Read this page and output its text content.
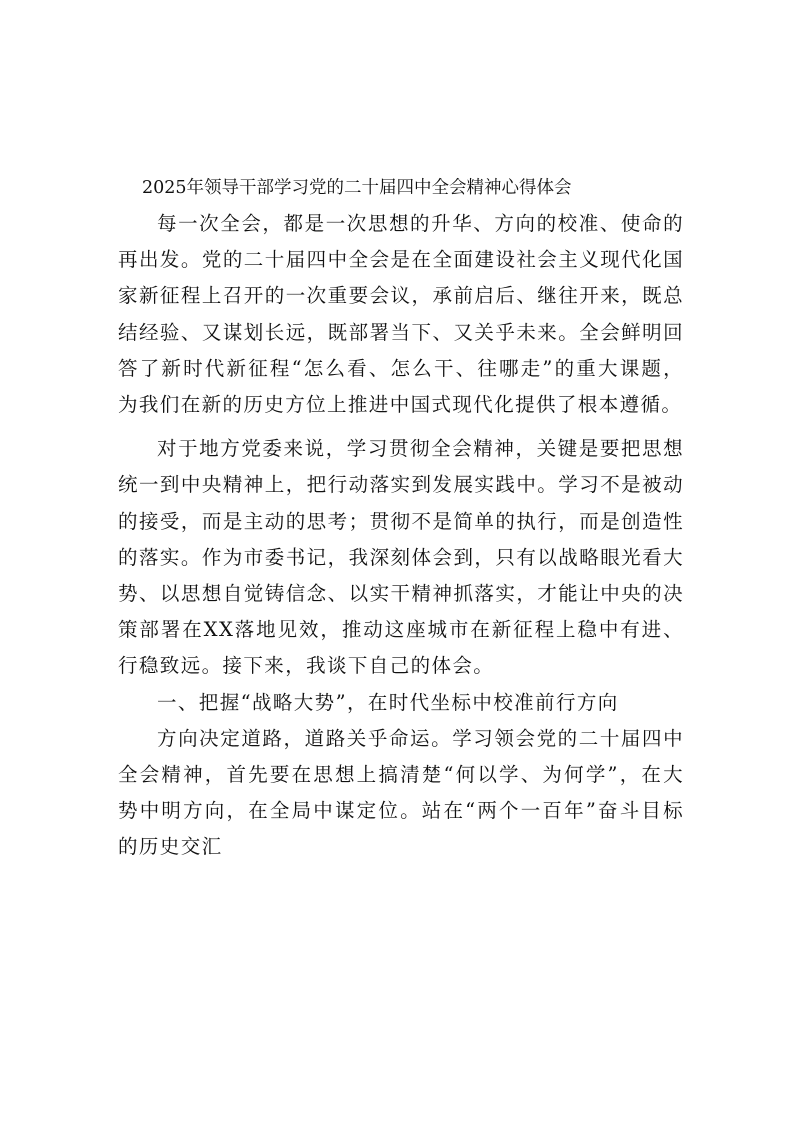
2025年领导干部学习党的二十届四中全会精神心得体会

每一次全会，都是一次思想的升华、方向的校准、使命的再出发。党的二十届四中全会是在全面建设社会主义现代化国家新征程上召开的一次重要会议，承前启后、继往开来，既总结经验、又谋划长远，既部署当下、又关乎未来。全会鲜明回答了新时代新征程“怎么看、怎么干、往哪走”的重大课题，为我们在新的历史方位上推进中国式现代化提供了根本遵循。

对于地方党委来说，学习贯彻全会精神，关键是要把思想统一到中央精神上，把行动落实到发展实践中。学习不是被动的接受，而是主动的思考；贯彻不是简单的执行，而是创造性的落实。作为市委书记，我深刻体会到，只有以战略眼光看大势、以思想自觉铸信念、以实干精神抓落实，才能让中央的决策部署在XX落地见效，推动这座城市在新征程上稳中有进、行稳致远。接下来，我谈下自己的体会。

一、把握“战略大势”，在时代坐标中校准前行方向

方向决定道路，道路关乎命运。学习领会党的二十届四中全会精神，首先要在思想上搞清楚“何以学、为何学”，在大势中明方向，在全局中谋定位。站在“两个一百年”奋斗目标的历史交汇
